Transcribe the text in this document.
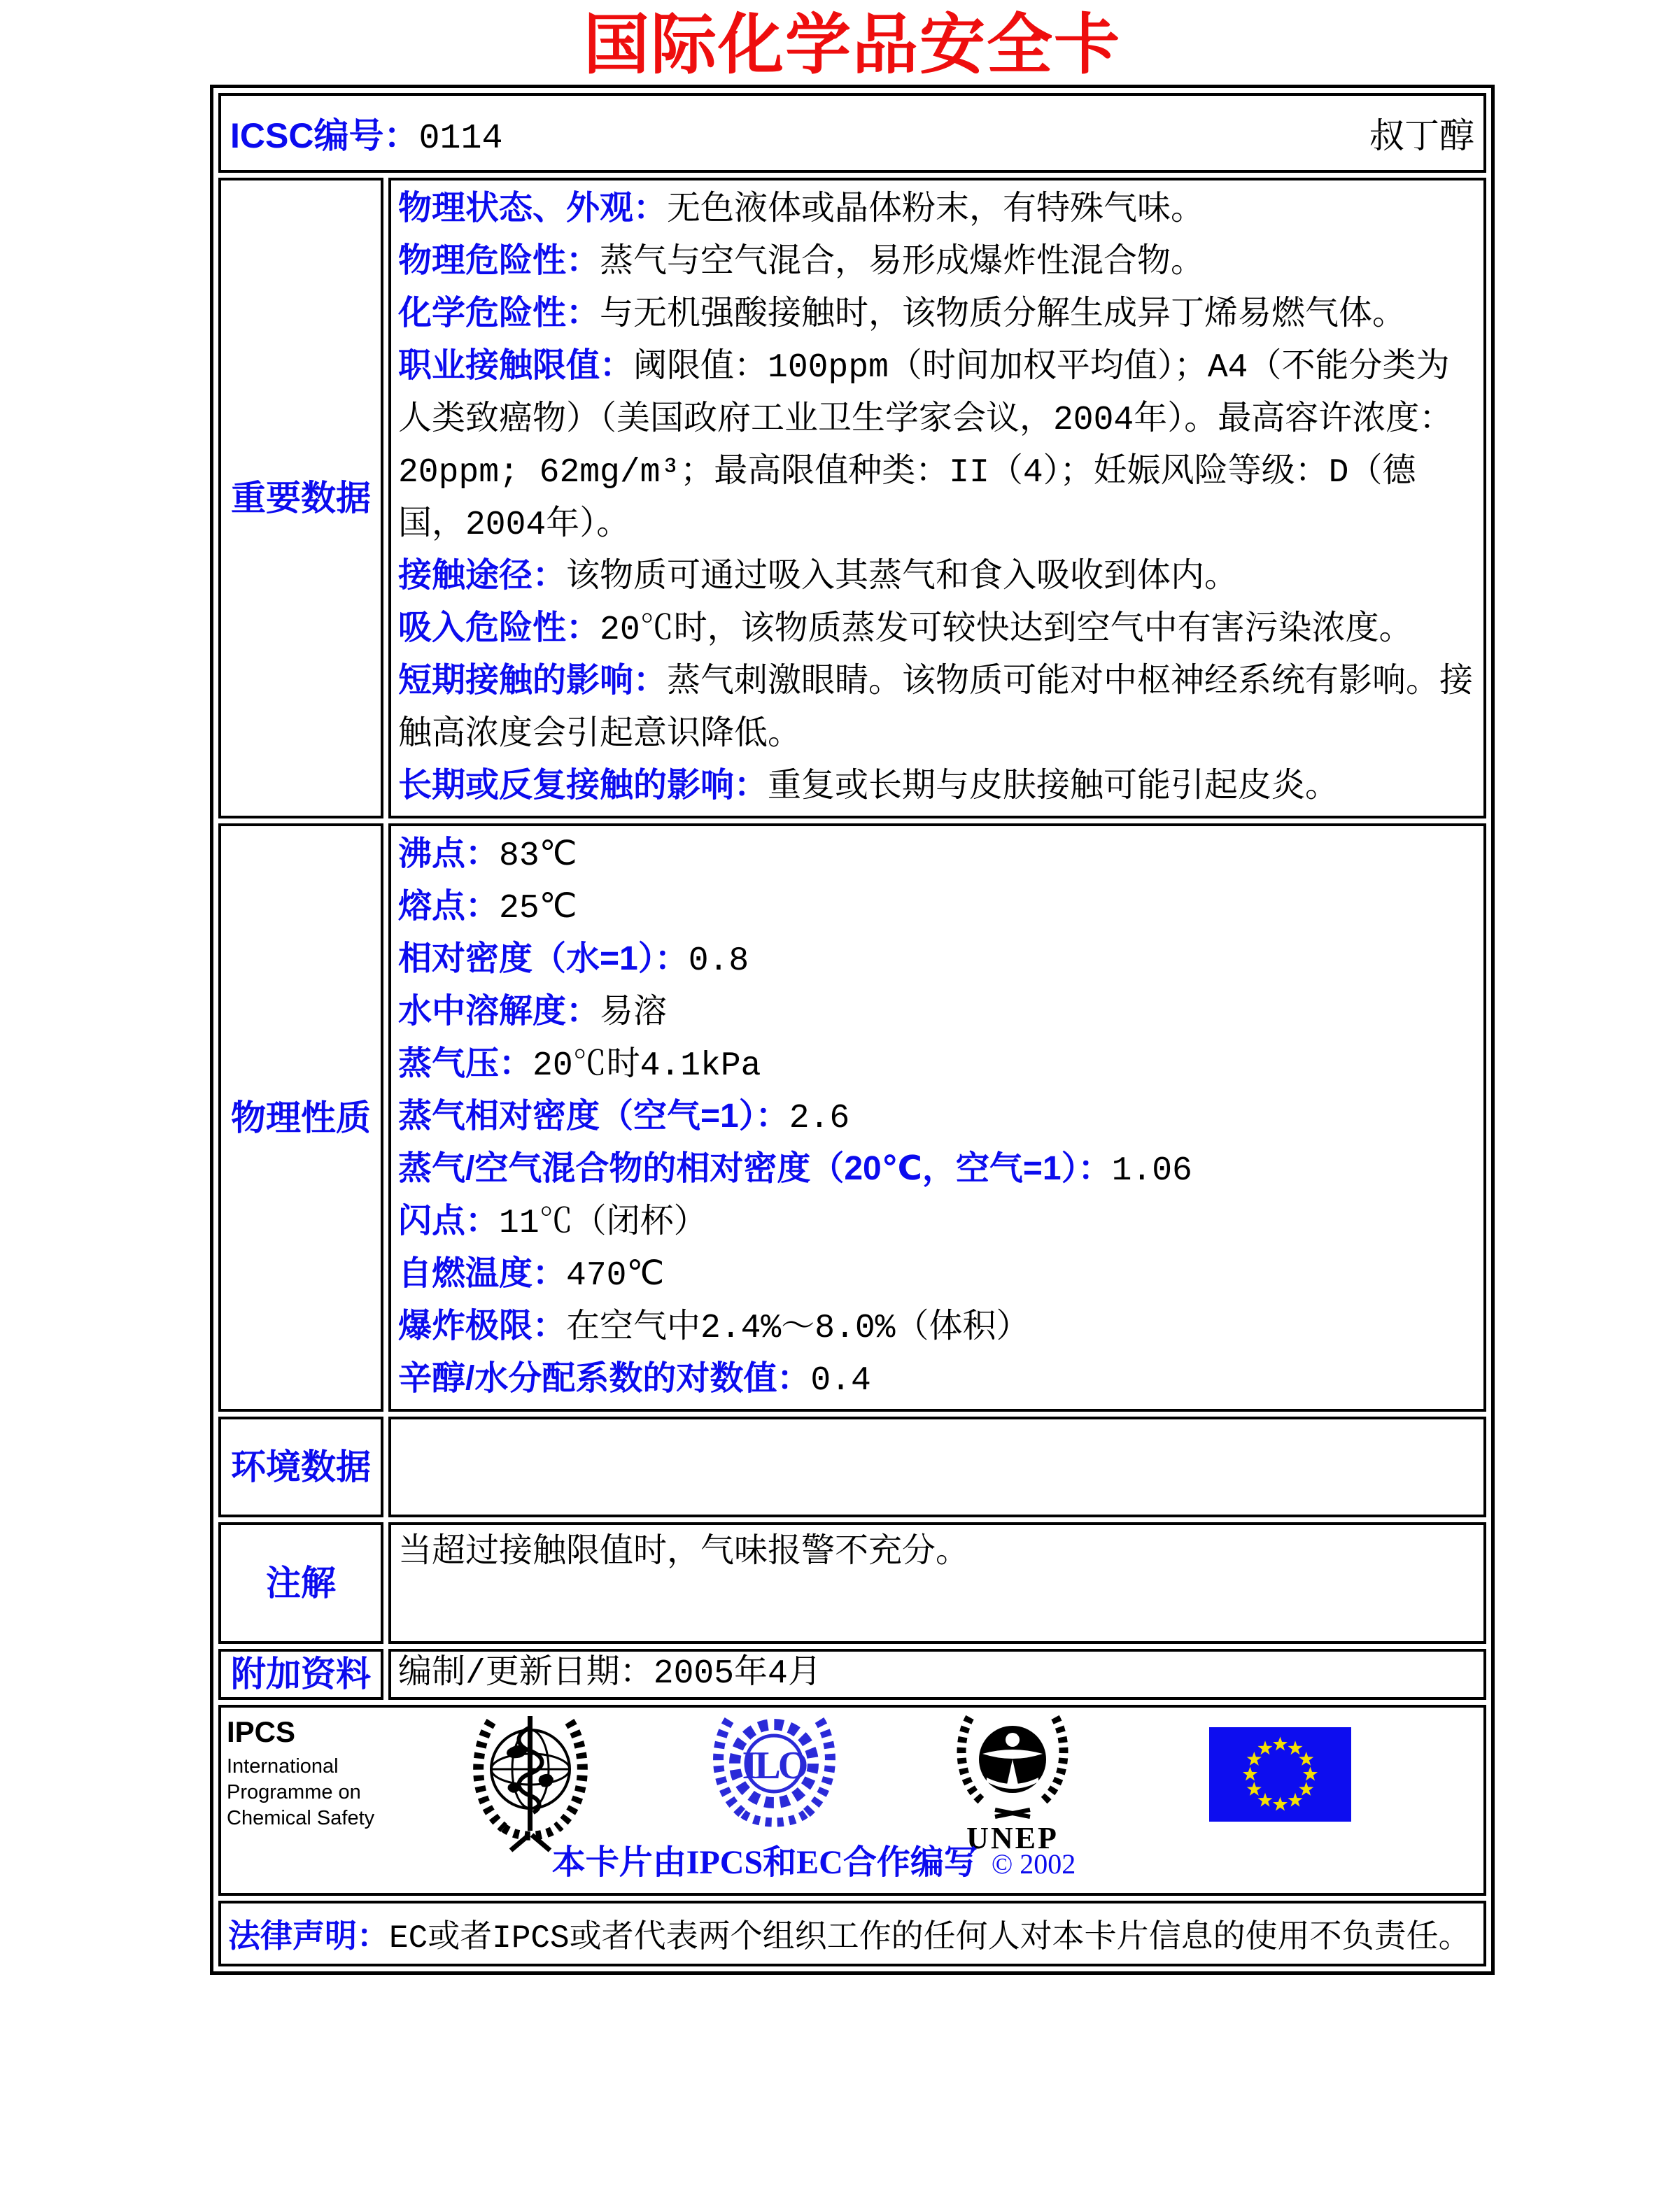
国际化学品安全卡
ICSC编号：0114 叔丁醇	

重要数据	
物理状态、外观：无色液体或晶体粉末，有特殊气味。
物理危险性：蒸气与空气混合，易形成爆炸性混合物。
化学危险性：与无机强酸接触时，该物质分解生成异丁烯易燃气体。
职业接触限值：阈限值：100ppm（时间加权平均值）；A4（不能分类为人类致癌物）（美国政府工业卫生学家会议，2004年）。最高容许浓度：20ppm; 62mg/m³；最高限值种类：II（4）；妊娠风险等级：D（德国，2004年）。
接触途径：该物质可通过吸入其蒸气和食入吸收到体内。
吸入危险性：20℃时，该物质蒸发可较快达到空气中有害污染浓度。
短期接触的影响：蒸气刺激眼睛。该物质可能对中枢神经系统有影响。接触高浓度会引起意识降低。
长期或反复接触的影响：重复或长期与皮肤接触可能引起皮炎。

物理性质	
沸点：83℃
熔点：25℃
相对密度（水=1）：0.8
水中溶解度：易溶
蒸气压：20℃时4.1kPa
蒸气相对密度（空气=1）：2.6
蒸气/空气混合物的相对密度（20℃，空气=1）：1.06
闪点：11℃（闭杯）
自燃温度：470℃
爆炸极限：在空气中2.4%～8.0%（体积）
辛醇/水分配系数的对数值：0.4

环境数据	

注解	当超过接触限值时，气味报警不充分。

附加资料	编制/更新日期：2005年4月

IPCS
International
Programme on
Chemical Safety
ILO
UNEP
本卡片由IPCS和EC合作编写 © 2002

法律声明：EC或者IPCS或者代表两个组织工作的任何人对本卡片信息的使用不负责任。	
